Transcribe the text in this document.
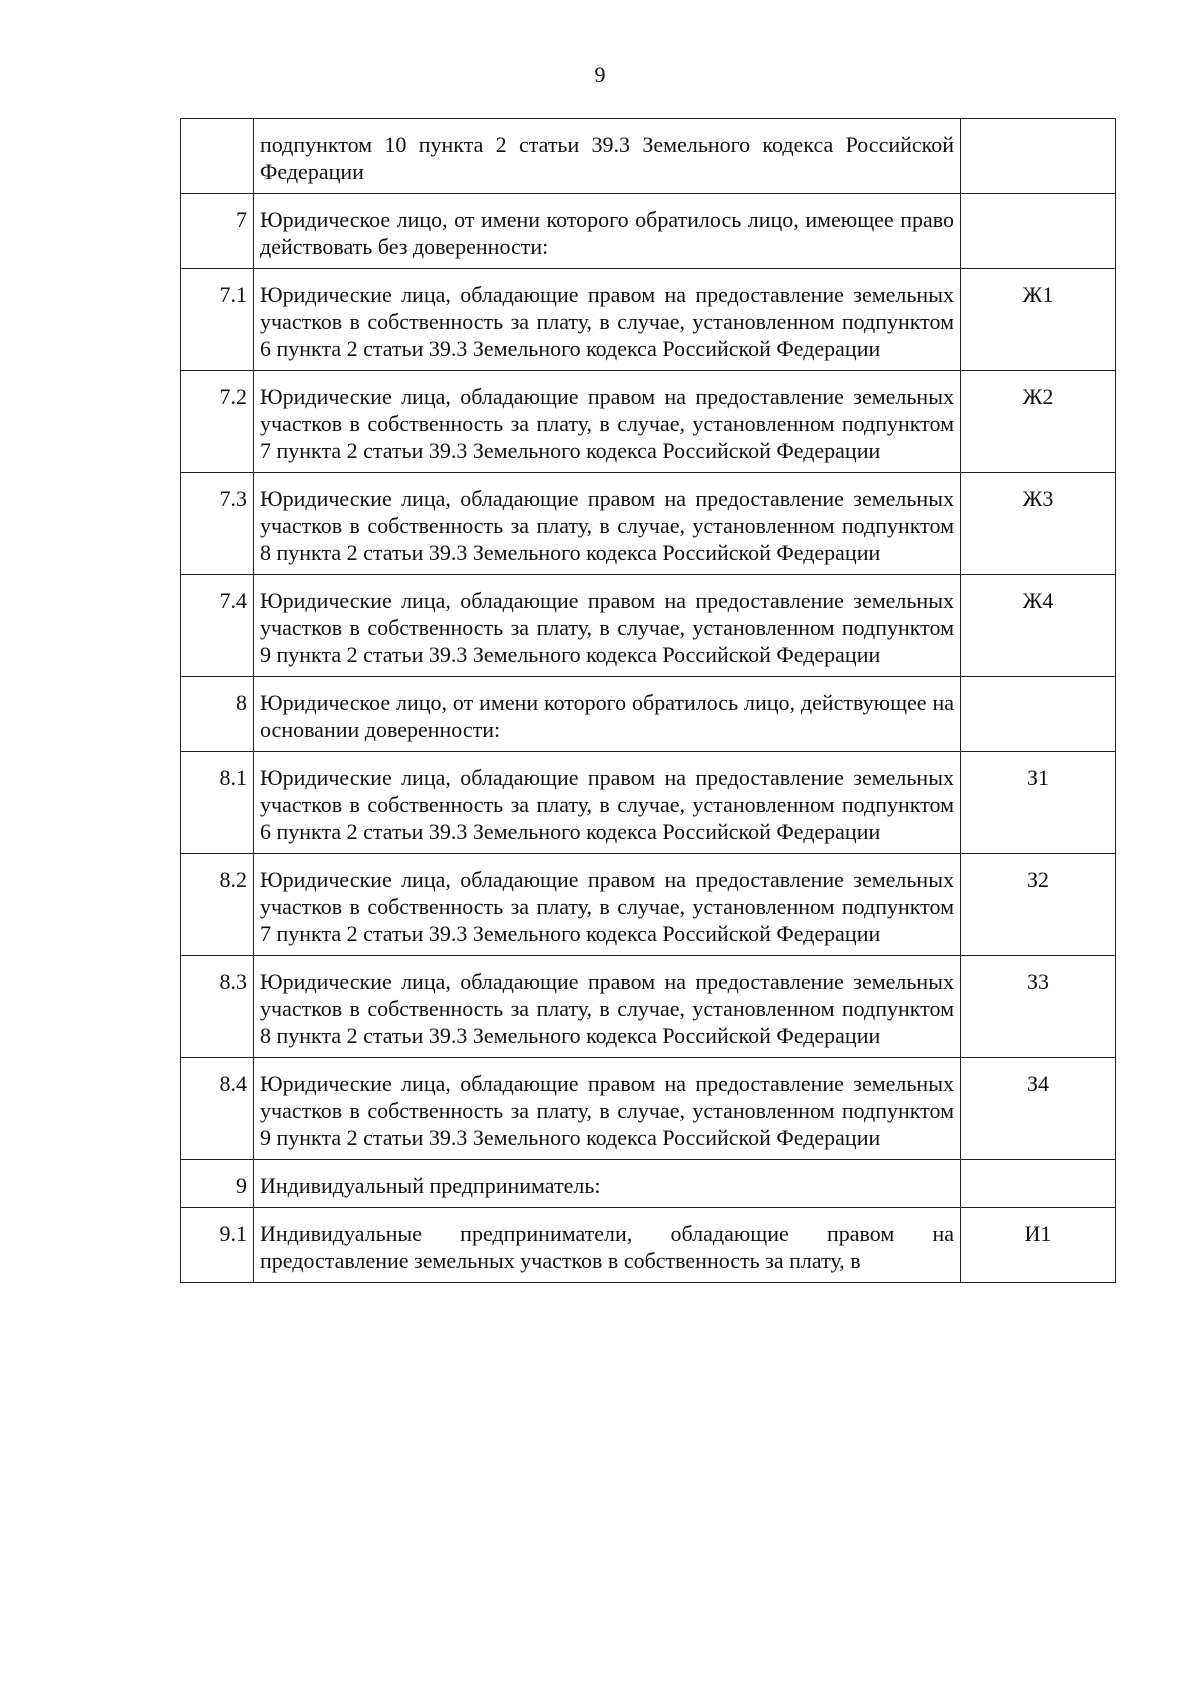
9
	подпунктом 10 пункта 2 статьи 39.3 Земельного кодекса Российской Федерации	
7	Юридическое лицо, от имени которого обратилось лицо, имеющее право действовать без доверенности:	
7.1	Юридические лица, обладающие правом на предоставление земельных участков в собственность за плату, в случае, установленном подпунктом 6 пункта 2 статьи 39.3 Земельного кодекса Российской Федерации	Ж1
7.2	Юридические лица, обладающие правом на предоставление земельных участков в собственность за плату, в случае, установленном подпунктом 7 пункта 2 статьи 39.3 Земельного кодекса Российской Федерации	Ж2
7.3	Юридические лица, обладающие правом на предоставление земельных участков в собственность за плату, в случае, установленном подпунктом 8 пункта 2 статьи 39.3 Земельного кодекса Российской Федерации	Ж3
7.4	Юридические лица, обладающие правом на предоставление земельных участков в собственность за плату, в случае, установленном подпунктом 9 пункта 2 статьи 39.3 Земельного кодекса Российской Федерации	Ж4
8	Юридическое лицо, от имени которого обратилось лицо, действующее на основании доверенности:	
8.1	Юридические лица, обладающие правом на предоставление земельных участков в собственность за плату, в случае, установленном подпунктом 6 пункта 2 статьи 39.3 Земельного кодекса Российской Федерации	З1
8.2	Юридические лица, обладающие правом на предоставление земельных участков в собственность за плату, в случае, установленном подпунктом 7 пункта 2 статьи 39.3 Земельного кодекса Российской Федерации	З2
8.3	Юридические лица, обладающие правом на предоставление земельных участков в собственность за плату, в случае, установленном подпунктом 8 пункта 2 статьи 39.3 Земельного кодекса Российской Федерации	З3
8.4	Юридические лица, обладающие правом на предоставление земельных участков в собственность за плату, в случае, установленном подпунктом 9 пункта 2 статьи 39.3 Земельного кодекса Российской Федерации	З4
9	Индивидуальный предприниматель:	
9.1	Индивидуальные предприниматели, обладающие правом на предоставление земельных участков в собственность за плату, в	И1
